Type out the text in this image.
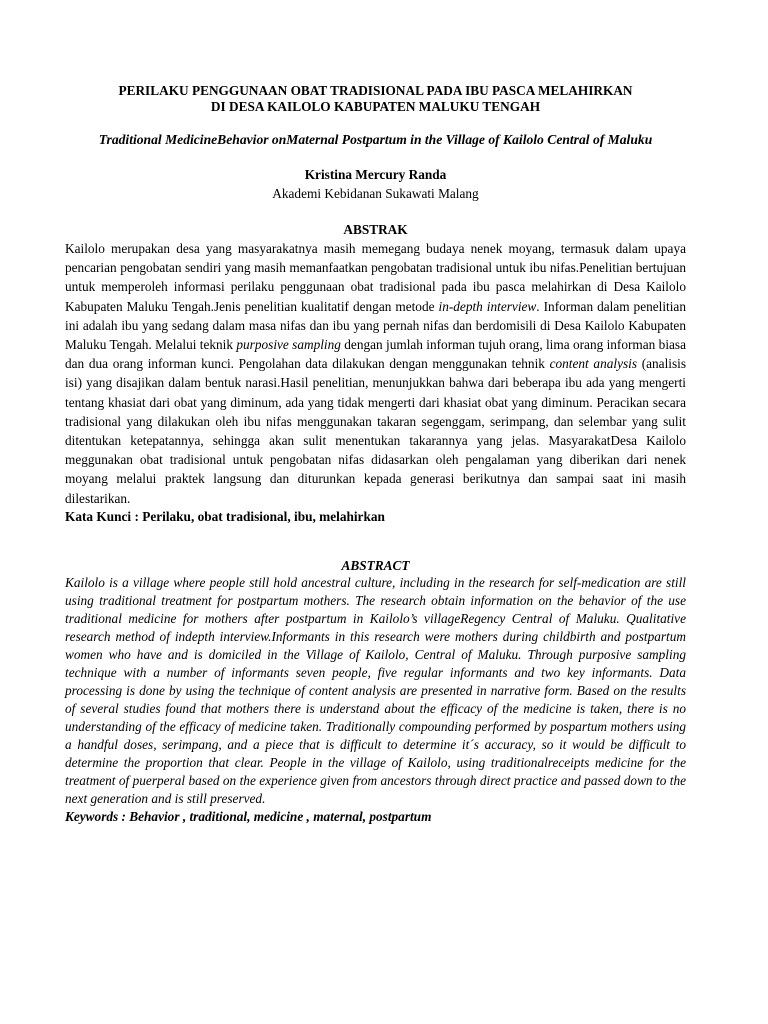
PERILAKU PENGGUNAAN OBAT TRADISIONAL PADA IBU PASCA MELAHIRKAN
DI DESA KAILOLO KABUPATEN MALUKU TENGAH

Traditional MedicineBehavior onMaternal Postpartum in the Village of Kailolo Central of Maluku

Kristina Mercury Randa

Akademi Kebidanan Sukawati Malang

ABSTRAK

Kailolo merupakan desa yang masyarakatnya masih memegang budaya nenek moyang, termasuk dalam upaya pencarian pengobatan sendiri yang masih memanfaatkan pengobatan tradisional untuk ibu nifas.Penelitian bertujuan untuk memperoleh informasi perilaku penggunaan obat tradisional pada ibu pasca melahirkan di Desa Kailolo Kabupaten Maluku Tengah.Jenis penelitian kualitatif dengan metode in-depth interview. Informan dalam penelitian ini adalah ibu yang sedang dalam masa nifas dan ibu yang pernah nifas dan berdomisili di Desa Kailolo Kabupaten Maluku Tengah. Melalui teknik purposive sampling dengan jumlah informan tujuh orang, lima orang informan biasa dan dua orang informan kunci. Pengolahan data dilakukan dengan menggunakan tehnik content analysis (analisis isi) yang disajikan dalam bentuk narasi.Hasil penelitian, menunjukkan bahwa dari beberapa ibu ada yang mengerti tentang khasiat dari obat yang diminum, ada yang tidak mengerti dari khasiat obat yang diminum. Peracikan secara tradisional yang dilakukan oleh ibu nifas menggunakan takaran segenggam, serimpang, dan selembar yang sulit ditentukan ketepatannya, sehingga akan sulit menentukan takarannya yang jelas. MasyarakatDesa Kailolo meggunakan obat tradisional untuk pengobatan nifas didasarkan oleh pengalaman yang diberikan dari nenek moyang melalui praktek langsung dan diturunkan kepada generasi berikutnya dan sampai saat ini masih dilestarikan.

Kata Kunci : Perilaku, obat tradisional, ibu, melahirkan

ABSTRACT

Kailolo is a village where people still hold ancestral culture, including in the research for self-medication are still using traditional treatment for postpartum mothers. The research obtain information on the behavior of the use traditional medicine for mothers after postpartum in Kailolo’s villageRegency Central of Maluku. Qualitative research method of indepth interview.Informants in this research were mothers during childbirth and postpartum women who have and is domiciled in the Village of Kailolo, Central of Maluku. Through purposive sampling technique with a number of informants seven people, five regular informants and two key informants. Data processing is done by using the technique of content analysis are presented in narrative form. Based on the results of several studies found that mothers there is understand about the efficacy of the medicine is taken, there is no understanding of the efficacy of medicine taken. Traditionally compounding performed by pospartum mothers using a handful doses, serimpang, and a piece that is difficult to determine it´s accuracy, so it would be difficult to determine the proportion that clear. People in the village of Kailolo, using traditionalreceipts medicine for the treatment of puerperal based on the experience given from ancestors through direct practice and passed down to the next generation and is still preserved.

Keywords : Behavior , traditional, medicine , maternal, postpartum
